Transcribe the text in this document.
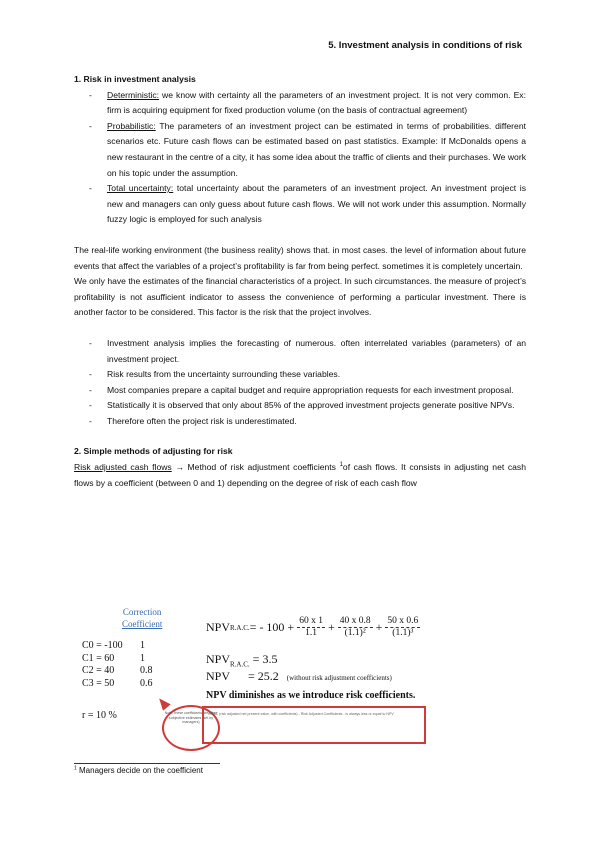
5. Investment analysis in conditions of risk

1. Risk in investment analysis

- Deterministic: we know with certainty all the parameters of an investment project. It is not very common. Ex: firm is acquiring equipment for fixed production volume (on the basis of contractual agreement)
- Probabilistic: The parameters of an investment project can be estimated in terms of probabilities. different scenarios etc. Future cash flows can be estimated based on past statistics. Example: If McDonalds opens a new restaurant in the centre of a city, it has some idea about the traffic of clients and their purchases. We work on his topic under the assumption.
- Total uncertainty: total uncertainty about the parameters of an investment project. An investment project is new and managers can only guess about future cash flows. We will not work under this assumption. Normally fuzzy logic is employed for such analysis

The real-life working environment (the business reality) shows that. in most cases. the level of information about future events that affect the variables of a project’s profitability is far from being perfect. sometimes it is completely uncertain.

We only have the estimates of the financial characteristics of a project. In such circumstances. the measure of project’s profitability is not asufficient indicator to assess the convenience of performing a particular investment. There is another factor to be considered. This factor is the risk that the project involves.

- Investment analysis implies the forecasting of numerous. often interrelated variables (parameters) of an investment project.
- Risk results from the uncertainty surrounding these variables.
- Most companies prepare a capital budget and require appropriation requests for each investment proposal.
- Statistically it is observed that only about 85% of the approved investment projects generate positive NPVs.
- Therefore often the project risk is underestimated.

2. Simple methods of adjusting for risk

Risk adjusted cash flows → Method of risk adjustment coefficients $^1$of cash flows. It consists in adjusting net cash flows by a coefficient (between 0 and 1) depending on the degree of risk of each cash flow

Correction
Coefficient
C0 = -100	1
C1 = 60	1
C2 = 40	0.8
C3 = 50	0.6
r = 10 %	Note: these coefficients are often subjective estimates (set by managers)
NPV R.A.C. = - $100 + \frac{60 x 1}{1.1} + \frac{40 x 0.8}{\text{(1.1)²}} + \frac{50 x 0.6}{\text{(1.1)³}}$
$NPV_{R.A.C.} = 3.5$
NPV = 25.2 (without risk adjustment coefficients)
NPV diminishes as we introduce risk coefficients.
RRAC (risk adjusted net present value, with coefficients) - Risk Adjusted Coefficients - is always less or equal to NPV
$^1$ Managers decide on the coefficient
